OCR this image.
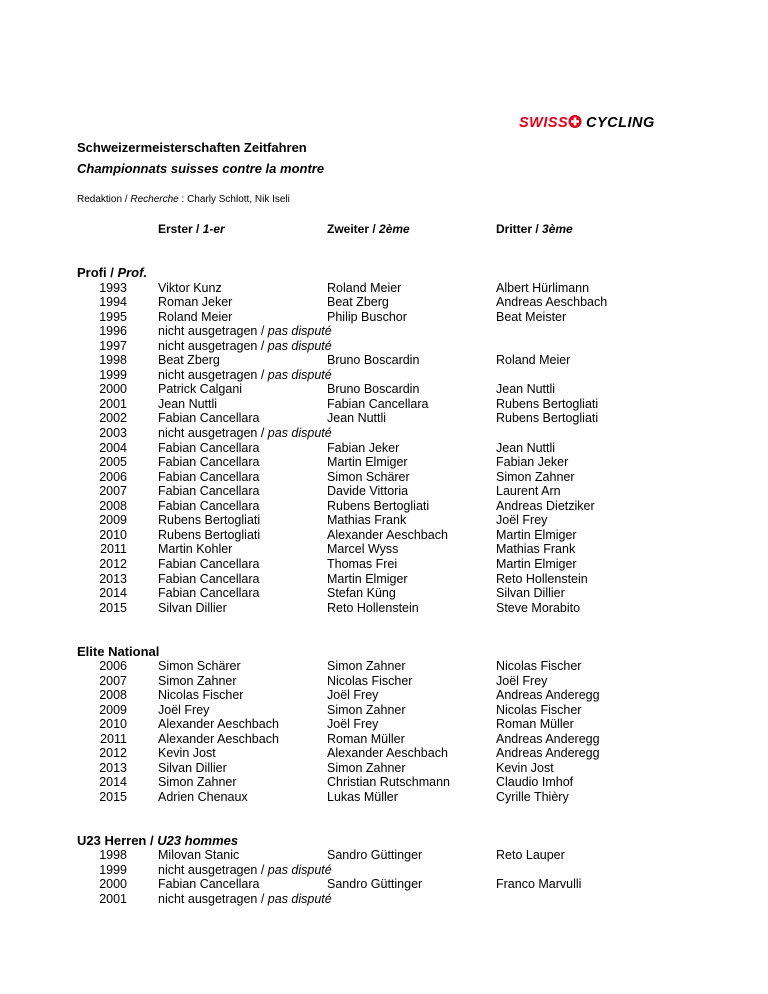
SWISS CYCLING
Schweizermeisterschaften Zeitfahren
Championnats suisses contre la montre
Redaktion / Recherche : Charly Schlott, Nik Iseli
Erster / 1-er	Zweiter / 2ème	Dritter / 3ème
Profi / Prof.
Elite National
U23 Herren / U23 hommes
1993 Viktor Kunz	Roland Meier	Albert Hürlimann
1994 Roman Jeker	Beat Zberg	Andreas Aeschbach
1995 Roland Meier	Philip Buschor	Beat Meister
1996 nicht ausgetragen / pas disputé
1997 nicht ausgetragen / pas disputé
1998 Beat Zberg	Bruno Boscardin	Roland Meier
1999 nicht ausgetragen / pas disputé
2000 Patrick Calgani	Bruno Boscardin	Jean Nuttli
2001 Jean Nuttli	Fabian Cancellara	Rubens Bertogliati
2002 Fabian Cancellara	Jean Nuttli	Rubens Bertogliati
2003 nicht ausgetragen / pas disputé
2004 Fabian Cancellara	Fabian Jeker	Jean Nuttli
2005 Fabian Cancellara	Martin Elmiger	Fabian Jeker
2006 Fabian Cancellara	Simon Schärer	Simon Zahner
2007 Fabian Cancellara	Davide Vittoria	Laurent Arn
2008 Fabian Cancellara	Rubens Bertogliati	Andreas Dietziker
2009 Rubens Bertogliati	Mathias Frank	Joël Frey
2010 Rubens Bertogliati	Alexander Aeschbach	Martin Elmiger
2011 Martin Kohler	Marcel Wyss	Mathias Frank
2012 Fabian Cancellara	Thomas Frei	Martin Elmiger
2013 Fabian Cancellara	Martin Elmiger	Reto Hollenstein
2014 Fabian Cancellara	Stefan Küng	Silvan Dillier
2015 Silvan Dillier	Reto Hollenstein	Steve Morabito
2006 Simon Schärer	Simon Zahner	Nicolas Fischer
2007 Simon Zahner	Nicolas Fischer	Joël Frey
2008 Nicolas Fischer	Joël Frey	Andreas Anderegg
2009 Joël Frey	Simon Zahner	Nicolas Fischer
2010 Alexander Aeschbach	Joël Frey	Roman Müller
2011 Alexander Aeschbach	Roman Müller	Andreas Anderegg
2012 Kevin Jost	Alexander Aeschbach	Andreas Anderegg
2013 Silvan Dillier	Simon Zahner	Kevin Jost
2014 Simon Zahner	Christian Rutschmann	Claudio Imhof
2015 Adrien Chenaux	Lukas Müller	Cyrille Thièry
1998 Milovan Stanic	Sandro Güttinger	Reto Lauper
1999 nicht ausgetragen / pas disputé
2000 Fabian Cancellara	Sandro Güttinger	Franco Marvulli
2001 nicht ausgetragen / pas disputé
